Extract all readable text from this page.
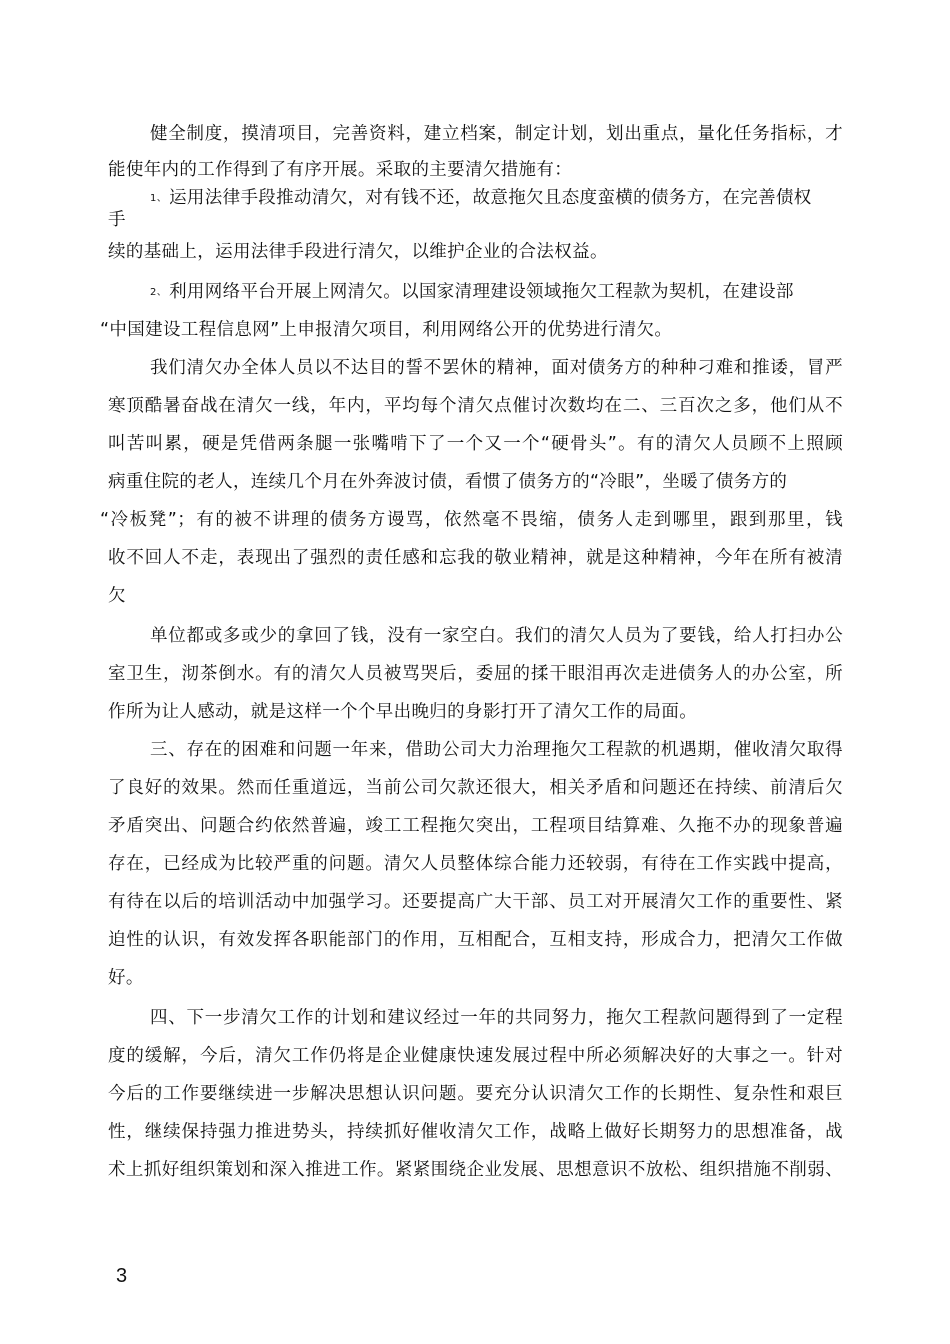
健全制度，摸清项目，完善资料，建立档案，制定计划，划出重点，量化任务指标，才
能使年内的工作得到了有序开展。采取的主要清欠措施有：
1、 运用法律手段推动清欠，对有钱不还，故意拖欠且态度蛮横的债务方，在完善债权
手
续的基础上，运用法律手段进行清欠，以维护企业的合法权益。
2、 利用网络平台开展上网清欠。以国家清理建设领域拖欠工程款为契机，在建设部
“中国建设工程信息网”上申报清欠项目，利用网络公开的优势进行清欠。
我们清欠办全体人员以不达目的誓不罢休的精神，面对债务方的种种刁难和推诿，冒严
寒顶酷暑奋战在清欠一线，年内，平均每个清欠点催讨次数均在二、三百次之多，他们从不
叫苦叫累，硬是凭借两条腿一张嘴啃下了一个又一个“硬骨头”。有的清欠人员顾不上照顾
病重住院的老人，连续几个月在外奔波讨债，看惯了债务方的“冷眼”，坐暖了债务方的
“冷板凳”；有的被不讲理的债务方谩骂，依然毫不畏缩，债务人走到哪里，跟到那里，钱
收不回人不走，表现出了强烈的责任感和忘我的敬业精神，就是这种精神，今年在所有被清
欠
单位都或多或少的拿回了钱，没有一家空白。我们的清欠人员为了要钱，给人打扫办公
室卫生，沏茶倒水。有的清欠人员被骂哭后，委屈的揉干眼泪再次走进债务人的办公室，所
作所为让人感动，就是这样一个个早出晚归的身影打开了清欠工作的局面。
三、存在的困难和问题一年来，借助公司大力治理拖欠工程款的机遇期，催收清欠取得
了良好的效果。然而任重道远，当前公司欠款还很大，相关矛盾和问题还在持续、前清后欠
矛盾突出、问题合约依然普遍，竣工工程拖欠突出，工程项目结算难、久拖不办的现象普遍
存在，已经成为比较严重的问题。清欠人员整体综合能力还较弱，有待在工作实践中提高，
有待在以后的培训活动中加强学习。还要提高广大干部、员工对开展清欠工作的重要性、紧
迫性的认识，有效发挥各职能部门的作用，互相配合，互相支持，形成合力，把清欠工作做
好。
四、下一步清欠工作的计划和建议经过一年的共同努力，拖欠工程款问题得到了一定程
度的缓解，今后，清欠工作仍将是企业健康快速发展过程中所必须解决好的大事之一。针对
今后的工作要继续进一步解决思想认识问题。要充分认识清欠工作的长期性、复杂性和艰巨
性，继续保持强力推进势头，持续抓好催收清欠工作，战略上做好长期努力的思想准备，战
术上抓好组织策划和深入推进工作。紧紧围绕企业发展、思想意识不放松、组织措施不削弱、
3
